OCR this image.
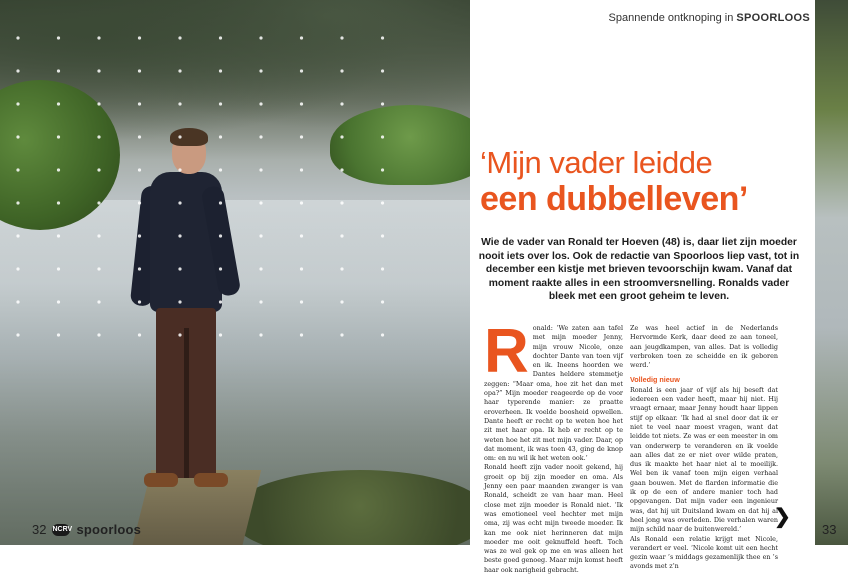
32 NCRV spoorloos
Spannende ontknoping in SPOORLOOS
‘Mijn vader leidde
een dubbelleven’
Wie de vader van Ronald ter Hoeven (48) is, daar liet zijn moeder nooit iets over los. Ook de redactie van Spoorloos liep vast, tot in december een kistje met brieven tevoorschijn kwam. Vanaf dat moment raakte alles in een stroomversnelling. Ronalds vader bleek met een groot geheim te leven.
R onald: ‘We zaten aan tafel met mijn moeder Jenny, mijn vrouw Nicole, onze dochter Dante van toen vijf en ik. Ineens hoorden we Dantes heldere stemmetje zeggen: “Maar oma, hoe zit het dan met opa?” Mijn moeder reageerde op de voor haar typerende manier: ze praatte eroverheen. Ik voelde boosheid opwellen. Dante heeft er recht op te weten hoe het zit met haar opa. Ik heb er recht op te weten hoe het zit met mijn vader. Daar, op dat moment, ik was toen 43, ging de knop om: en nu wil ik het weten ook.’

Ronald heeft zijn vader nooit gekend, hij groeit op bij zijn moeder en oma. Als Jenny een paar maanden zwanger is van Ronald, scheidt ze van haar man. Heel close met zijn moeder is Ronald niet. ‘Ik was emotioneel veel hechter met mijn oma, zij was echt mijn tweede moeder. Ik kan me ook niet herinneren dat mijn moeder me ooit geknuffeld heeft. Toch was ze wel gek op me en was alleen het beste goed genoeg. Maar mijn komst heeft haar ook narigheid gebracht.

Ze was heel actief in de Nederlands Hervormde Kerk, daar deed ze aan toneel, aan jeugdkampen, van alles. Dat is volledig verbroken toen ze scheidde en ik geboren werd.’

Volledig nieuw

Ronald is een jaar of vijf als hij beseft dat iedereen een vader heeft, maar hij niet. Hij vraagt ernaar, maar Jenny houdt haar lippen stijf op elkaar. ‘Ik had al snel door dat ik er niet te veel naar moest vragen, want dat leidde tot niets. Ze was er een meester in om van onderwerp te veranderen en ik voelde aan alles dat ze er niet over wilde praten, dus ik maakte het haar niet al te moeilijk. Wel ben ik vanaf toen mijn eigen verhaal gaan bouwen. Met de flarden informatie die ik op de een of andere manier toch had opgevangen. Dat mijn vader een ingenieur was, dat hij uit Duitsland kwam en dat hij al heel jong was overleden. Die verhalen waren mijn schild naar de buitenwereld.’

Als Ronald een relatie krijgt met Nicole, verandert er veel. ‘Nicole komt uit een hecht gezin waar ’s middags gezamenlijk thee en ’s avonds met z’n

❯
33
